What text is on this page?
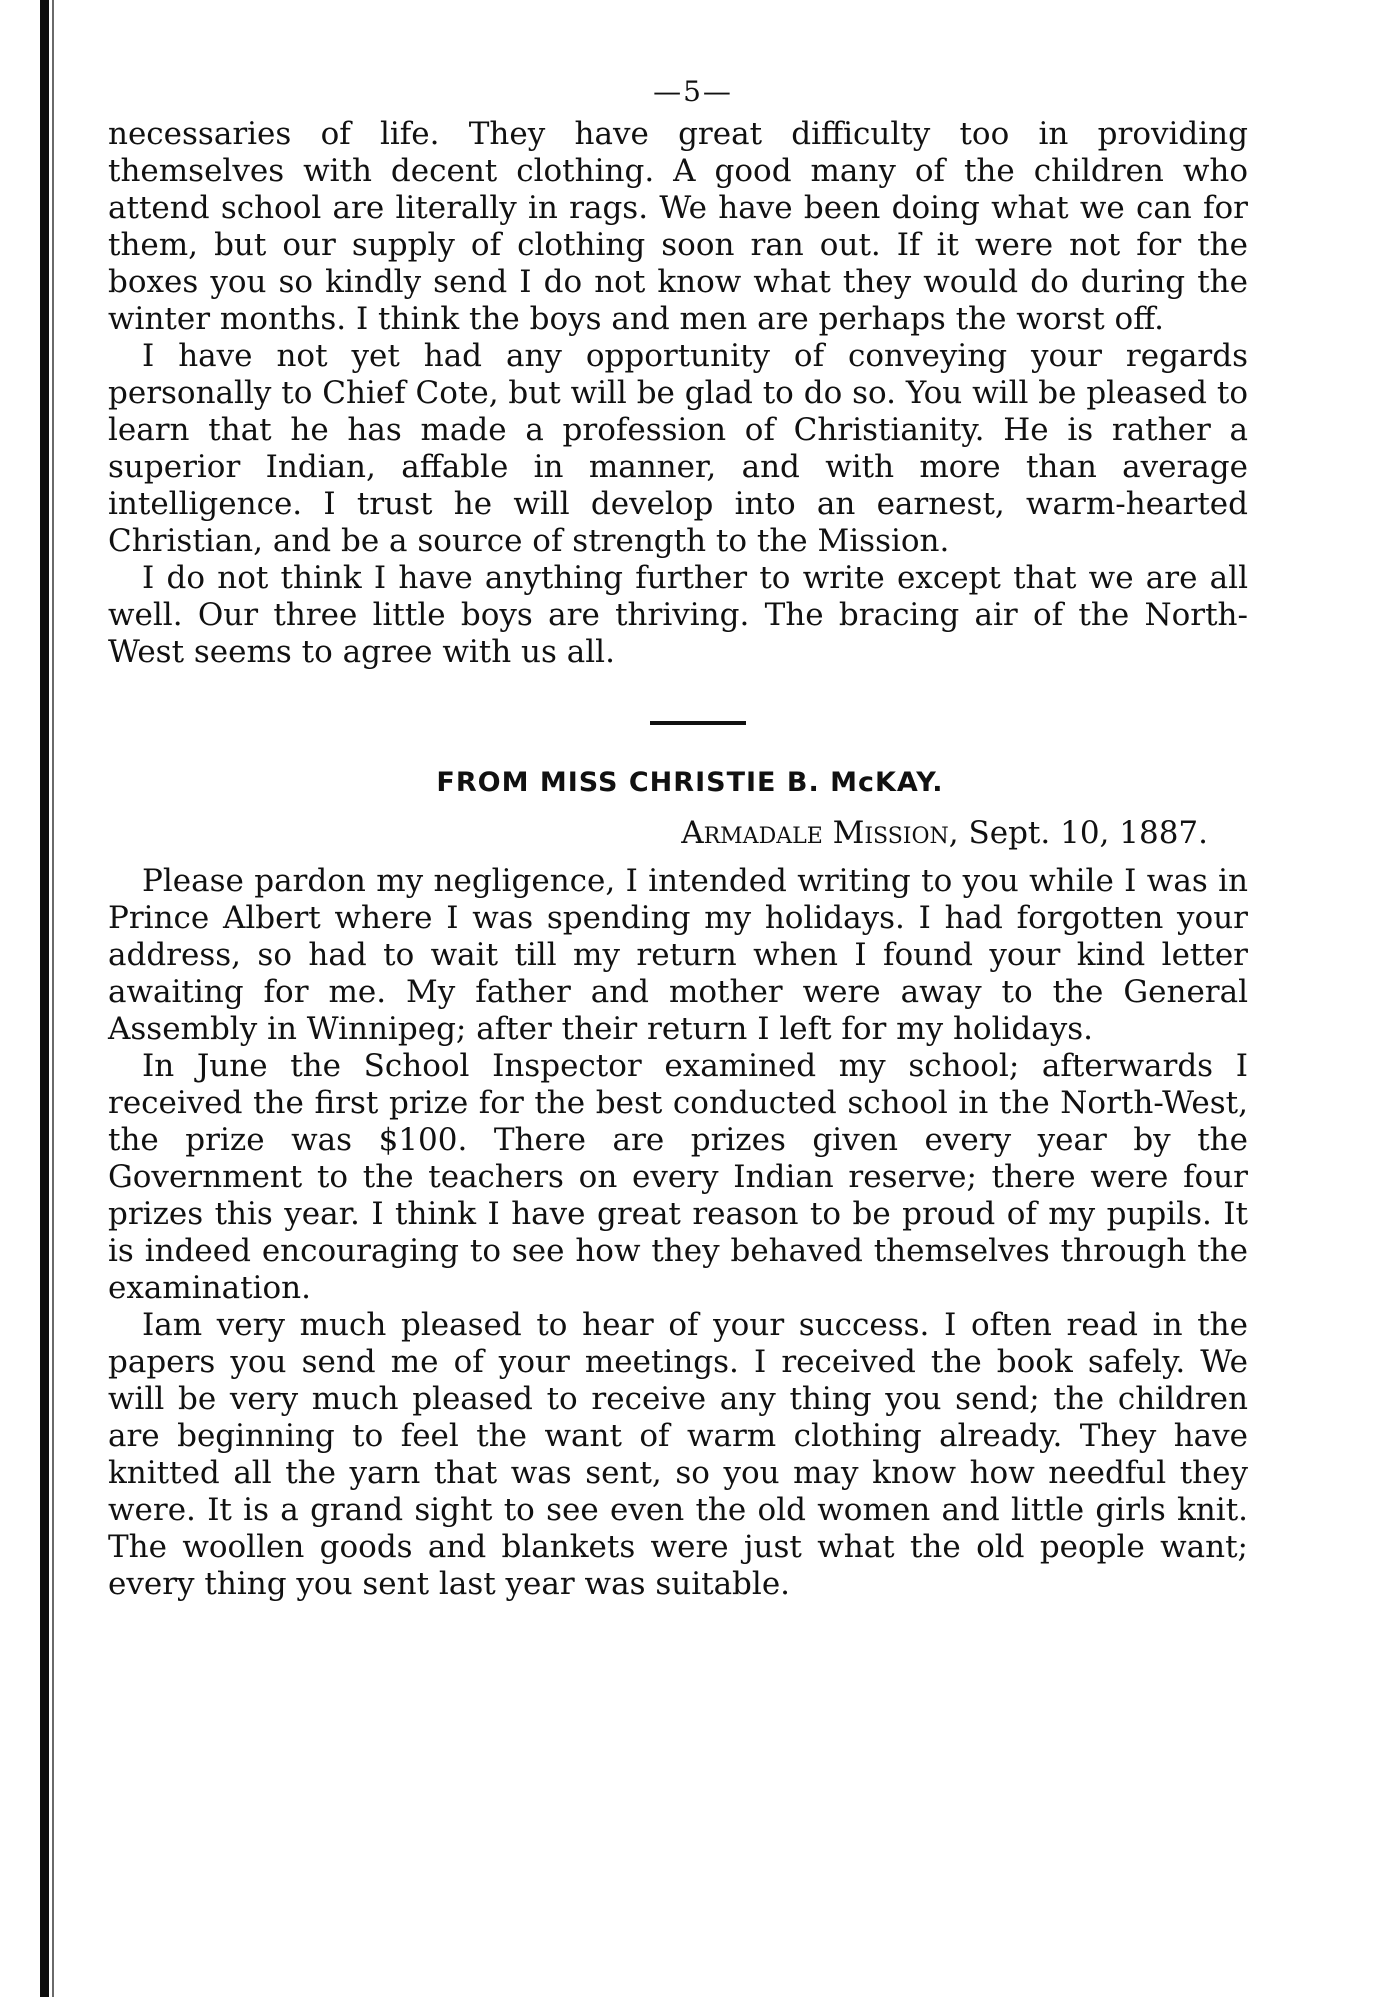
—5—

necessaries of life. They have great difficulty too in providing themselves with decent clothing. A good many of the children who attend school are literally in rags. We have been doing what we can for them, but our supply of clothing soon ran out. If it were not for the boxes you so kindly send I do not know what they would do during the winter months. I think the boys and men are perhaps the worst off.

I have not yet had any opportunity of conveying your regards personally to Chief Cote, but will be glad to do so. You will be pleased to learn that he has made a profession of Christianity. He is rather a superior Indian, affable in manner, and with more than average intelligence. I trust he will develop into an earnest, warm-hearted Christian, and be a source of strength to the Mission.

I do not think I have anything further to write except that we are all well. Our three little boys are thriving. The bracing air of the North-West seems to agree with us all.

FROM MISS CHRISTIE B. McKAY.
Armadale Mission, Sept. 10, 1887.

Please pardon my negligence, I intended writing to you while I was in Prince Albert where I was spending my holidays. I had forgotten your address, so had to wait till my return when I found your kind letter awaiting for me. My father and mother were away to the General Assembly in Winnipeg; after their return I left for my holidays.

In June the School Inspector examined my school; afterwards I received the first prize for the best conducted school in the North-West, the prize was $100. There are prizes given every year by the Government to the teachers on every Indian reserve; there were four prizes this year. I think I have great reason to be proud of my pupils. It is indeed encouraging to see how they behaved themselves through the examination.

Iam very much pleased to hear of your success. I often read in the papers you send me of your meetings. I received the book safely. We will be very much pleased to receive any thing you send; the children are beginning to feel the want of warm clothing already. They have knitted all the yarn that was sent, so you may know how needful they were. It is a grand sight to see even the old women and little girls knit. The woollen goods and blankets were just what the old people want; every thing you sent last year was suitable.
